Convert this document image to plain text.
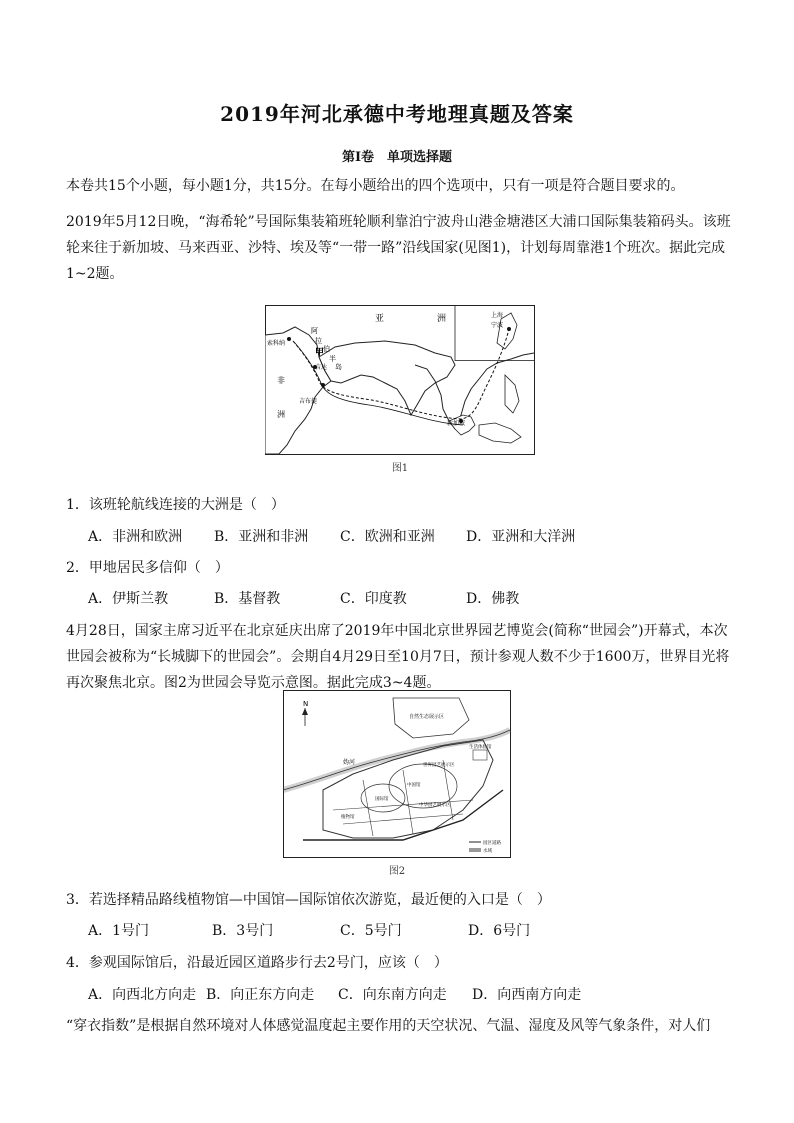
2019年河北承德中考地理真题及答案
第Ⅰ卷　单项选择题
本卷共15个小题，每小题1分，共15分。在每小题给出的四个选项中，只有一项是符合题目要求的。
2019年5月12日晚，“海希轮”号国际集装箱班轮顺利靠泊宁波舟山港金塘港区大浦口国际集装箱码头。该班轮来往于新加坡、马来西亚、沙特、埃及等“一带一路”沿线国家(见图1)，计划每周靠港1个班次。据此完成1~2题。
亚	洲
索科纳
阿
拉
伯
半
岛
甲
吉达
非
洲
吉布提
上海
宁波
新加坡
图1
1．该班轮航线连接的大洲是（　）
A．非洲和欧洲	B．亚洲和非洲	C．欧洲和亚洲	D．亚洲和大洋洲
2．甲地居民多信仰（　）
A．伊斯兰教	B．基督教	C．印度教	D．佛教
4月28日，国家主席习近平在北京延庆出席了2019年中国北京世界园艺博览会(简称“世园会”)开幕式，本次世园会被称为“长城脚下的世园会”。会期自4月29日至10月7日，预计参观人数不少于1600万，世界目光将再次聚焦北京。图2为世园会导览示意图。据此完成3~4题。
N
妫河
自然生态展示区
世界园艺展示区
中国馆
国际馆
植物馆
生活体验馆
中华园艺展示区
园区道路
水域
图2
3．若选择精品路线植物馆—中国馆—国际馆依次游览，最近便的入口是（　）
A．1号门	B．3号门	C．5号门	D．6号门
4．参观国际馆后，沿最近园区道路步行去2号门，应该（　）
A．向西北方向走 B．向正东方向走	C．向东南方向走	D．向西南方向走
“穿衣指数”是根据自然环境对人体感觉温度起主要作用的天空状况、气温、湿度及风等气象条件，对人们
